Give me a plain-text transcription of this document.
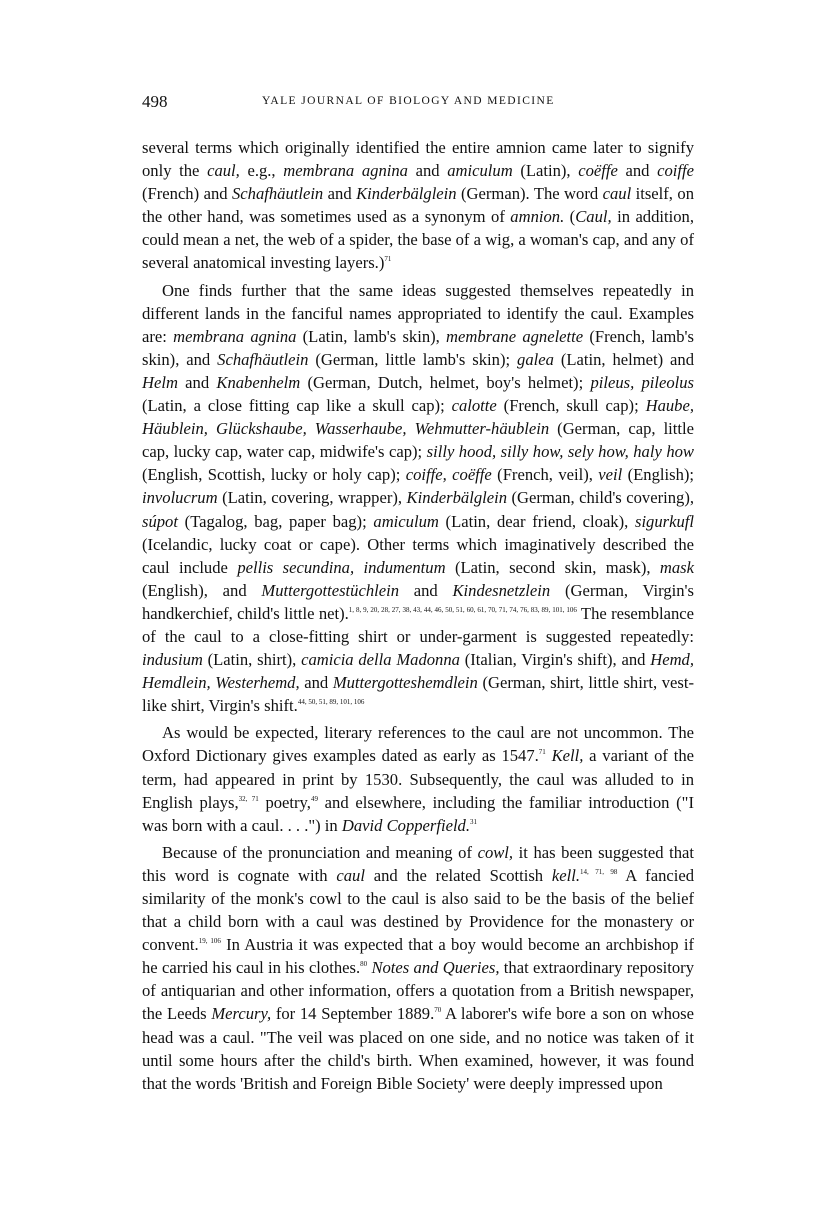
498	YALE JOURNAL OF BIOLOGY AND MEDICINE

several terms which originally identified the entire amnion came later to signify only the caul, e.g., membrana agnina and amiculum (Latin), coëffe and coiffe (French) and Schafhäutlein and Kinderbälglein (German). The word caul itself, on the other hand, was sometimes used as a synonym of amnion. (Caul, in addition, could mean a net, the web of a spider, the base of a wig, a woman's cap, and any of several anatomical investing layers.)$^{71}$

One finds further that the same ideas suggested themselves repeatedly in different lands in the fanciful names appropriated to identify the caul. Examples are: membrana agnina (Latin, lamb's skin), membrane agnelette (French, lamb's skin), and Schafhäutlein (German, little lamb's skin); galea (Latin, helmet) and Helm and Knabenhelm (German, Dutch, helmet, boy's helmet); pileus, pileolus (Latin, a close fitting cap like a skull cap); calotte (French, skull cap); Haube, Häublein, Glückshaube, Wasserhaube, Wehmutter-häublein (German, cap, little cap, lucky cap, water cap, midwife's cap); silly hood, silly how, sely how, haly how (English, Scottish, lucky or holy cap); coiffe, coëffe (French, veil), veil (English); involucrum (Latin, covering, wrapper), Kinderbälglein (German, child's covering), súpot (Tagalog, bag, paper bag); amiculum (Latin, dear friend, cloak), sigurkufl (Icelandic, lucky coat or cape). Other terms which imaginatively described the caul include pellis secundina, indumentum (Latin, second skin, mask), mask (English), and Muttergottestüchlein and Kindesnetzlein (German, Virgin's handkerchief, child's little net).$^{1, 8, 9, 20, 28, 27, 38, 43, 44, 46, 50, 51, 60, 61, 70, 71, 74, 76, 83, 89, 101, 106}$ The resemblance of the caul to a close-fitting shirt or under-garment is suggested repeatedly: indusium (Latin, shirt), camicia della Madonna (Italian, Virgin's shift), and Hemd, Hemdlein, Westerhemd, and Muttergotteshemdlein (German, shirt, little shirt, vest-like shirt, Virgin's shift.$^{44, 50, 51, 89, 101, 106}$

As would be expected, literary references to the caul are not uncommon. The Oxford Dictionary gives examples dated as early as 1547.71 Kell, a variant of the term, had appeared in print by 1530. Subsequently, the caul was alluded to in English plays,$^{32, 71}$ poetry,$^{49}$ and elsewhere, including the familiar introduction ("I was born with a caul. . . .") in David Copperfield.$^{31}$

Because of the pronunciation and meaning of cowl, it has been suggested that this word is cognate with caul and the related Scottish kell.$^{14, 71, 98}$ A fancied similarity of the monk's cowl to the caul is also said to be the basis of the belief that a child born with a caul was destined by Providence for the monastery or convent.$^{19, 106}$ In Austria it was expected that a boy would become an archbishop if he carried his caul in his clothes.$^{80}$ Notes and Queries, that extraordinary repository of antiquarian and other information, offers a quotation from a British newspaper, the Leeds Mercury, for 14 September 1889.70 A laborer's wife bore a son on whose head was a caul. "The veil was placed on one side, and no notice was taken of it until some hours after the child's birth. When examined, however, it was found that the words 'British and Foreign Bible Society' were deeply impressed upon
